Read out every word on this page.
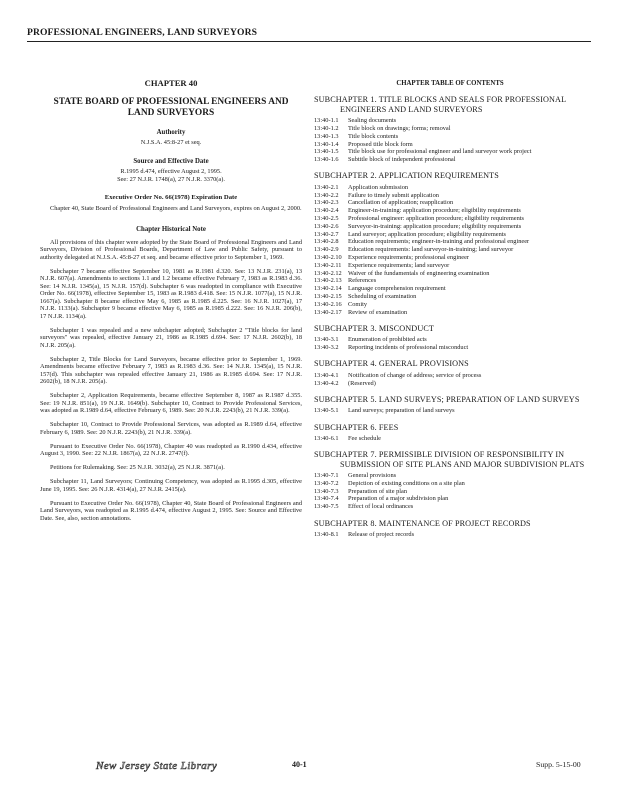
PROFESSIONAL ENGINEERS, LAND SURVEYORS
CHAPTER 40
STATE BOARD OF PROFESSIONAL ENGINEERS AND LAND SURVEYORS
Authority
N.J.S.A. 45:8-27 et seq.
Source and Effective Date
R.1995 d.474, effective August 2, 1995.
See: 27 N.J.R. 1748(a), 27 N.J.R. 3370(a).
Executive Order No. 66(1978) Expiration Date
Chapter 40, State Board of Professional Engineers and Land Surveyors, expires on August 2, 2000.
Chapter Historical Note
All provisions of this chapter were adopted by the State Board of Professional Engineers and Land Surveyors, Division of Professional Boards, Department of Law and Public Safety, pursuant to authority delegated at N.J.S.A. 45:8-27 et seq. and became effective prior to September 1, 1969.
Subchapter 7 became effective September 10, 1981 as R.1981 d.320. See: 13 N.J.R. 231(a), 13 N.J.R. 607(a). Amendments to sections 1.1 and 1.2 became effective February 7, 1983 as R.1983 d.36. See: 14 N.J.R. 1345(a), 15 N.J.R. 157(d). Subchapter 6 was readopted in compliance with Executive Order No. 66(1978), effective September 15, 1983 as R.1983 d.418. See: 15 N.J.R. 1077(a), 15 N.J.R. 1667(a). Subchapter 8 became effective May 6, 1985 as R.1985 d.225. See: 16 N.J.R. 1027(a), 17 N.J.R. 1133(a). Subchapter 9 became effective May 6, 1985 as R.1985 d.222. See: 16 N.J.R. 206(b), 17 N.J.R. 1134(a).
Subchapter 1 was repealed and a new subchapter adopted; Subchapter 2 "Title blocks for land surveyors" was repealed, effective January 21, 1986 as R.1985 d.694. See: 17 N.J.R. 2602(b), 18 N.J.R. 205(a).
Subchapter 2, Title Blocks for Land Surveyors, became effective prior to September 1, 1969. Amendments became effective February 7, 1983 as R.1983 d.36. See: 14 N.J.R. 1345(a), 15 N.J.R. 157(d). This subchapter was repealed effective January 21, 1986 as R.1985 d.694. See: 17 N.J.R. 2602(b), 18 N.J.R. 205(a).
Subchapter 2, Application Requirements, became effective September 8, 1987 as R.1987 d.355. See: 19 N.J.R. 851(a), 19 N.J.R. 1649(b). Subchapter 10, Contract to Provide Professional Services, was adopted as R.1989 d.64, effective February 6, 1989. See: 20 N.J.R. 2243(b), 21 N.J.R. 339(a).
Subchapter 10, Contract to Provide Professional Services, was adopted as R.1989 d.64, effective February 6, 1989. See: 20 N.J.R. 2243(b), 21 N.J.R. 339(a).
Pursuant to Executive Order No. 66(1978), Chapter 40 was readopted as R.1990 d.434, effective August 3, 1990. See: 22 N.J.R. 1867(a), 22 N.J.R. 2747(f).
Petitions for Rulemaking. See: 25 N.J.R. 3032(a), 25 N.J.R. 3871(a).
Subchapter 11, Land Surveyors; Continuing Competency, was adopted as R.1995 d.305, effective June 19, 1995. See: 26 N.J.R. 4314(a), 27 N.J.R. 2415(a).
Pursuant to Executive Order No. 66(1978), Chapter 40, State Board of Professional Engineers and Land Surveyors, was readopted as R.1995 d.474, effective August 2, 1995. See: Source and Effective Date. See, also, section annotations.
CHAPTER TABLE OF CONTENTS
SUBCHAPTER 1. TITLE BLOCKS AND SEALS FOR PROFESSIONAL ENGINEERS AND LAND SURVEYORS
13:40-1.1	Sealing documents
13:40-1.2	Title block on drawings; forms; removal
13:40-1.3	Title block contents
13:40-1.4	Proposed title block form
13:40-1.5	Title block use for professional engineer and land surveyor work project
13:40-1.6	Subtitle block of independent professional
SUBCHAPTER 2. APPLICATION REQUIREMENTS
13:40-2.1	Application submission
13:40-2.2	Failure to timely submit application
13:40-2.3	Cancellation of application; reapplication
13:40-2.4	Engineer-in-training: application procedure; eligibility requirements
13:40-2.5	Professional engineer: application procedure; eligibility requirements
13:40-2.6	Surveyor-in-training: application procedure; eligibility requirements
13:40-2.7	Land surveyor; application procedure; eligibility requirements
13:40-2.8	Education requirements; engineer-in-training and professional engineer
13:40-2.9	Education requirements: land surveyor-in-training; land surveyor
13:40-2.10 Experience requirements; professional engineer
13:40-2.11	Experience requirements; land surveyor
13:40-2.12 Waiver of the fundamentals of engineering examination
13:40-2.13 References
13:40-2.14 Language comprehension requirement
13:40-2.15 Scheduling of examination
13:40-2.16 Comity
13:40-2.17 Review of examination
SUBCHAPTER 3. MISCONDUCT
13:40-3.1	Enumeration of prohibited acts
13:40-3.2	Reporting incidents of professional misconduct
SUBCHAPTER 4. GENERAL PROVISIONS
13:40-4.1	Notification of change of address; service of process
13:40-4.2	(Reserved)
SUBCHAPTER 5. LAND SURVEYS; PREPARATION OF LAND SURVEYS
13:40-5.1	Land surveys; preparation of land surveys
SUBCHAPTER 6. FEES
13:40-6.1	Fee schedule
SUBCHAPTER 7. PERMISSIBLE DIVISION OF RESPONSIBILITY IN SUBMISSION OF SITE PLANS AND MAJOR SUBDIVISION PLATS
13:40-7.1	General provisions
13:40-7.2	Depiction of existing conditions on a site plan
13:40-7.3	Preparation of site plan
13:40-7.4	Preparation of a major subdivision plan
13:40-7.5	Effect of local ordinances
SUBCHAPTER 8. MAINTENANCE OF PROJECT RECORDS
13:40-8.1	Release of project records
New Jersey State Library	40-1	Supp. 5-15-00
